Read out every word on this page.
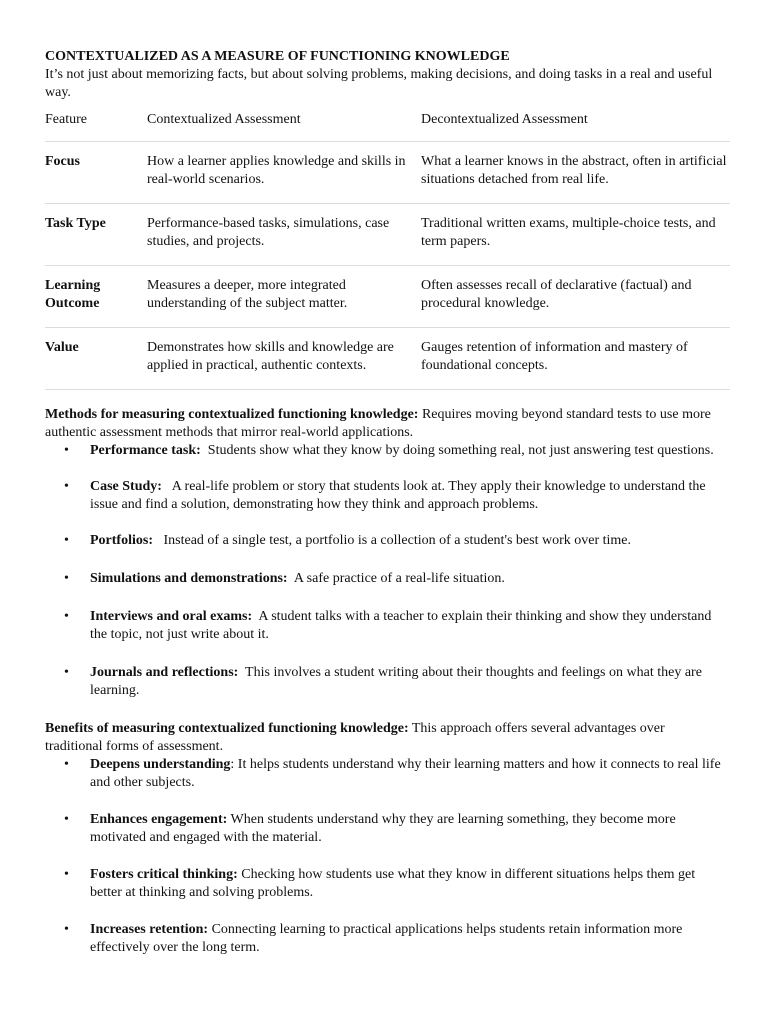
CONTEXTUALIZED AS A MEASURE OF FUNCTIONING KNOWLEDGE
It’s not just about memorizing facts, but about solving problems, making decisions, and doing tasks in a real and useful way.
Feature	Contextualized Assessment	Decontextualized Assessment
Focus	How a learner applies knowledge and skills in real-world scenarios.	What a learner knows in the abstract, often in artificial situations detached from real life.
Task Type	Performance-based tasks, simulations, case studies, and projects.	Traditional written exams, multiple-choice tests, and term papers.
Learning Outcome	Measures a deeper, more integrated understanding of the subject matter.	Often assesses recall of declarative (factual) and procedural knowledge.
Value	Demonstrates how skills and knowledge are applied in practical, authentic contexts.	Gauges retention of information and mastery of foundational concepts.
Methods for measuring contextualized functioning knowledge: Requires moving beyond standard tests to use more authentic assessment methods that mirror real-world applications.
• Performance task:  Students show what they know by doing something real, not just answering test questions.
• Case Study:   A real-life problem or story that students look at. They apply their knowledge to understand the issue and find a solution, demonstrating how they think and approach problems.
• Portfolios:   Instead of a single test, a portfolio is a collection of a student's best work over time.
• Simulations and demonstrations:  A safe practice of a real-life situation.
• Interviews and oral exams:  A student talks with a teacher to explain their thinking and show they understand the topic, not just write about it.
• Journals and reflections:  This involves a student writing about their thoughts and feelings on what they are learning.
Benefits of measuring contextualized functioning knowledge: This approach offers several advantages over traditional forms of assessment.
• Deepens understanding: It helps students understand why their learning matters and how it connects to real life and other subjects.
• Enhances engagement: When students understand why they are learning something, they become more motivated and engaged with the material.
• Fosters critical thinking: Checking how students use what they know in different situations helps them get better at thinking and solving problems.
• Increases retention: Connecting learning to practical applications helps students retain information more effectively over the long term.
